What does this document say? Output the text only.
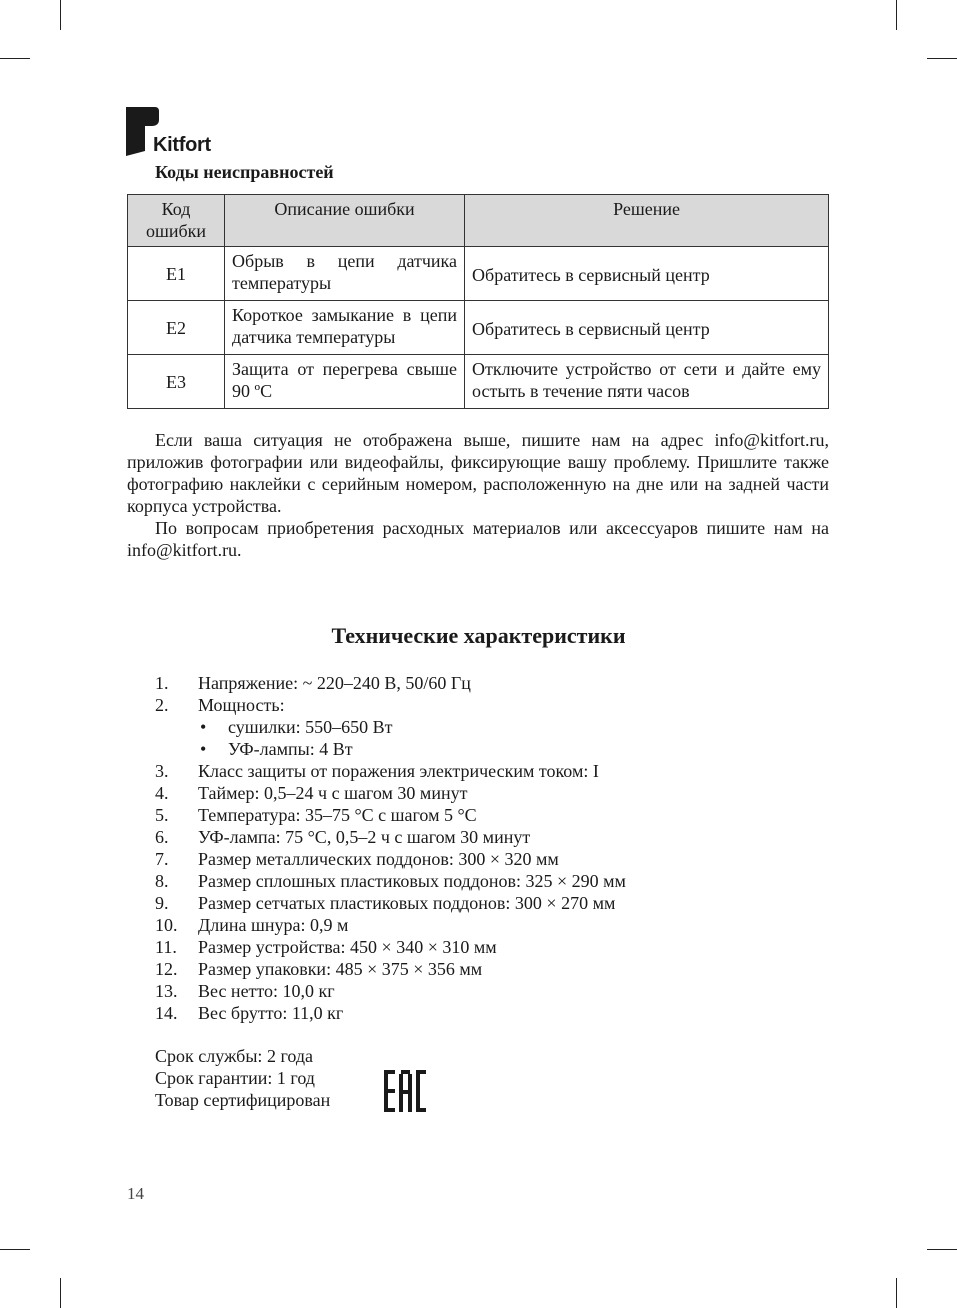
Kitfort
Коды неисправностей
Код ошибки	Описание ошибки	Решение
E1	Обрыв в цепи датчика температуры	Обратитесь в сервисный центр
E2	Короткое замыкание в цепи датчика температуры	Обратитесь в сервисный центр
E3	Защита от перегрева свыше 90 ºС	Отключите устройство от сети и дайте ему остыть в течение пяти часов

Если ваша ситуация не отображена выше, пишите нам на адрес info@kitfort.ru, приложив фотографии или видеофайлы, фиксирующие вашу проблему. Пришлите также фотографию наклейки с серийным номером, расположенную на дне или на задней части корпуса устройства.

По вопросам приобретения расходных материалов или аксессуаров пишите нам на info@kitfort.ru.

Технические характеристики
1. Напряжение: ~ 220–240 В, 50/60 Гц
2. Мощность:
• сушилки: 550–650 Вт
• УФ-лампы: 4 Вт
3. Класс защиты от поражения электрическим током: I
4. Таймер: 0,5–24 ч с шагом 30 минут
5. Температура: 35–75 °С с шагом 5 °С
6. УФ-лампа: 75 °С, 0,5–2 ч с шагом 30 минут
7. Размер металлических поддонов: 300 × 320 мм
8. Размер сплошных пластиковых поддонов: 325 × 290 мм
9. Размер сетчатых пластиковых поддонов: 300 × 270 мм
10. Длина шнура: 0,9 м
11. Размер устройства: 450 × 340 × 310 мм
12. Размер упаковки: 485 × 375 × 356 мм
13. Вес нетто: 10,0 кг
14. Вес брутто: 11,0 кг
Срок службы: 2 года
Срок гарантии: 1 год
Товар сертифицирован
14
